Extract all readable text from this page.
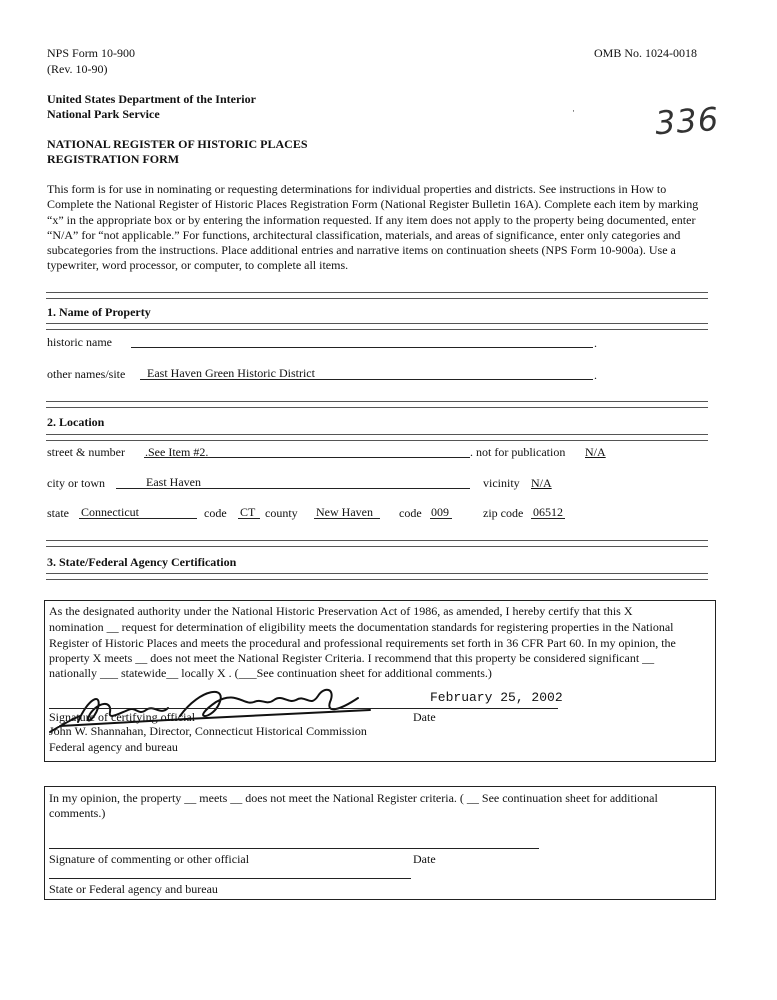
NPS Form 10-900
(Rev. 10-90)
OMB No. 1024-0018
United States Department of the Interior
National Park Service	· 336
NATIONAL REGISTER OF HISTORIC PLACES
REGISTRATION FORM

This form is for use in nominating or requesting determinations for individual properties and districts. See instructions in How to Complete the National Register of Historic Places Registration Form (National Register Bulletin 16A). Complete each item by marking “x” in the appropriate box or by entering the information requested. If any item does not apply to the property being documented, enter “N/A” for “not applicable.” For functions, architectural classification, materials, and areas of significance, enter only categories and subcategories from the instructions. Place additional entries and narrative items on continuation sheets (NPS Form 10-900a). Use a typewriter, word processor, or computer, to complete all items.

1. Name of Property
historic name	.
other names/site East Haven Green Historic District	.
2. Location
street & number .See Item #2.	. not for publication N/A
city or town	East Haven	vicinity N/A
state Connecticut	code CT county New Haven code 009	zip code 06512
3. State/Federal Agency Certification
As the designated authority under the National Historic Preservation Act of 1986, as amended, I hereby certify that this X
nomination __ request for determination of eligibility meets the documentation standards for registering properties in the National
Register of Historic Places and meets the procedural and professional requirements set forth in 36 CFR Part 60. In my opinion, the
property X meets __ does not meet the National Register Criteria. I recommend that this property be considered significant __
nationally ___ statewide__ locally X . (___See continuation sheet for additional comments.)
February 25, 2002
Signature of certifying official	Date
John W. Shannahan, Director, Connecticut Historical Commission
Federal agency and bureau
In my opinion, the property __ meets __ does not meet the National Register criteria. ( __ See continuation sheet for additional
comments.)
Signature of commenting or other official	Date
State or Federal agency and bureau
